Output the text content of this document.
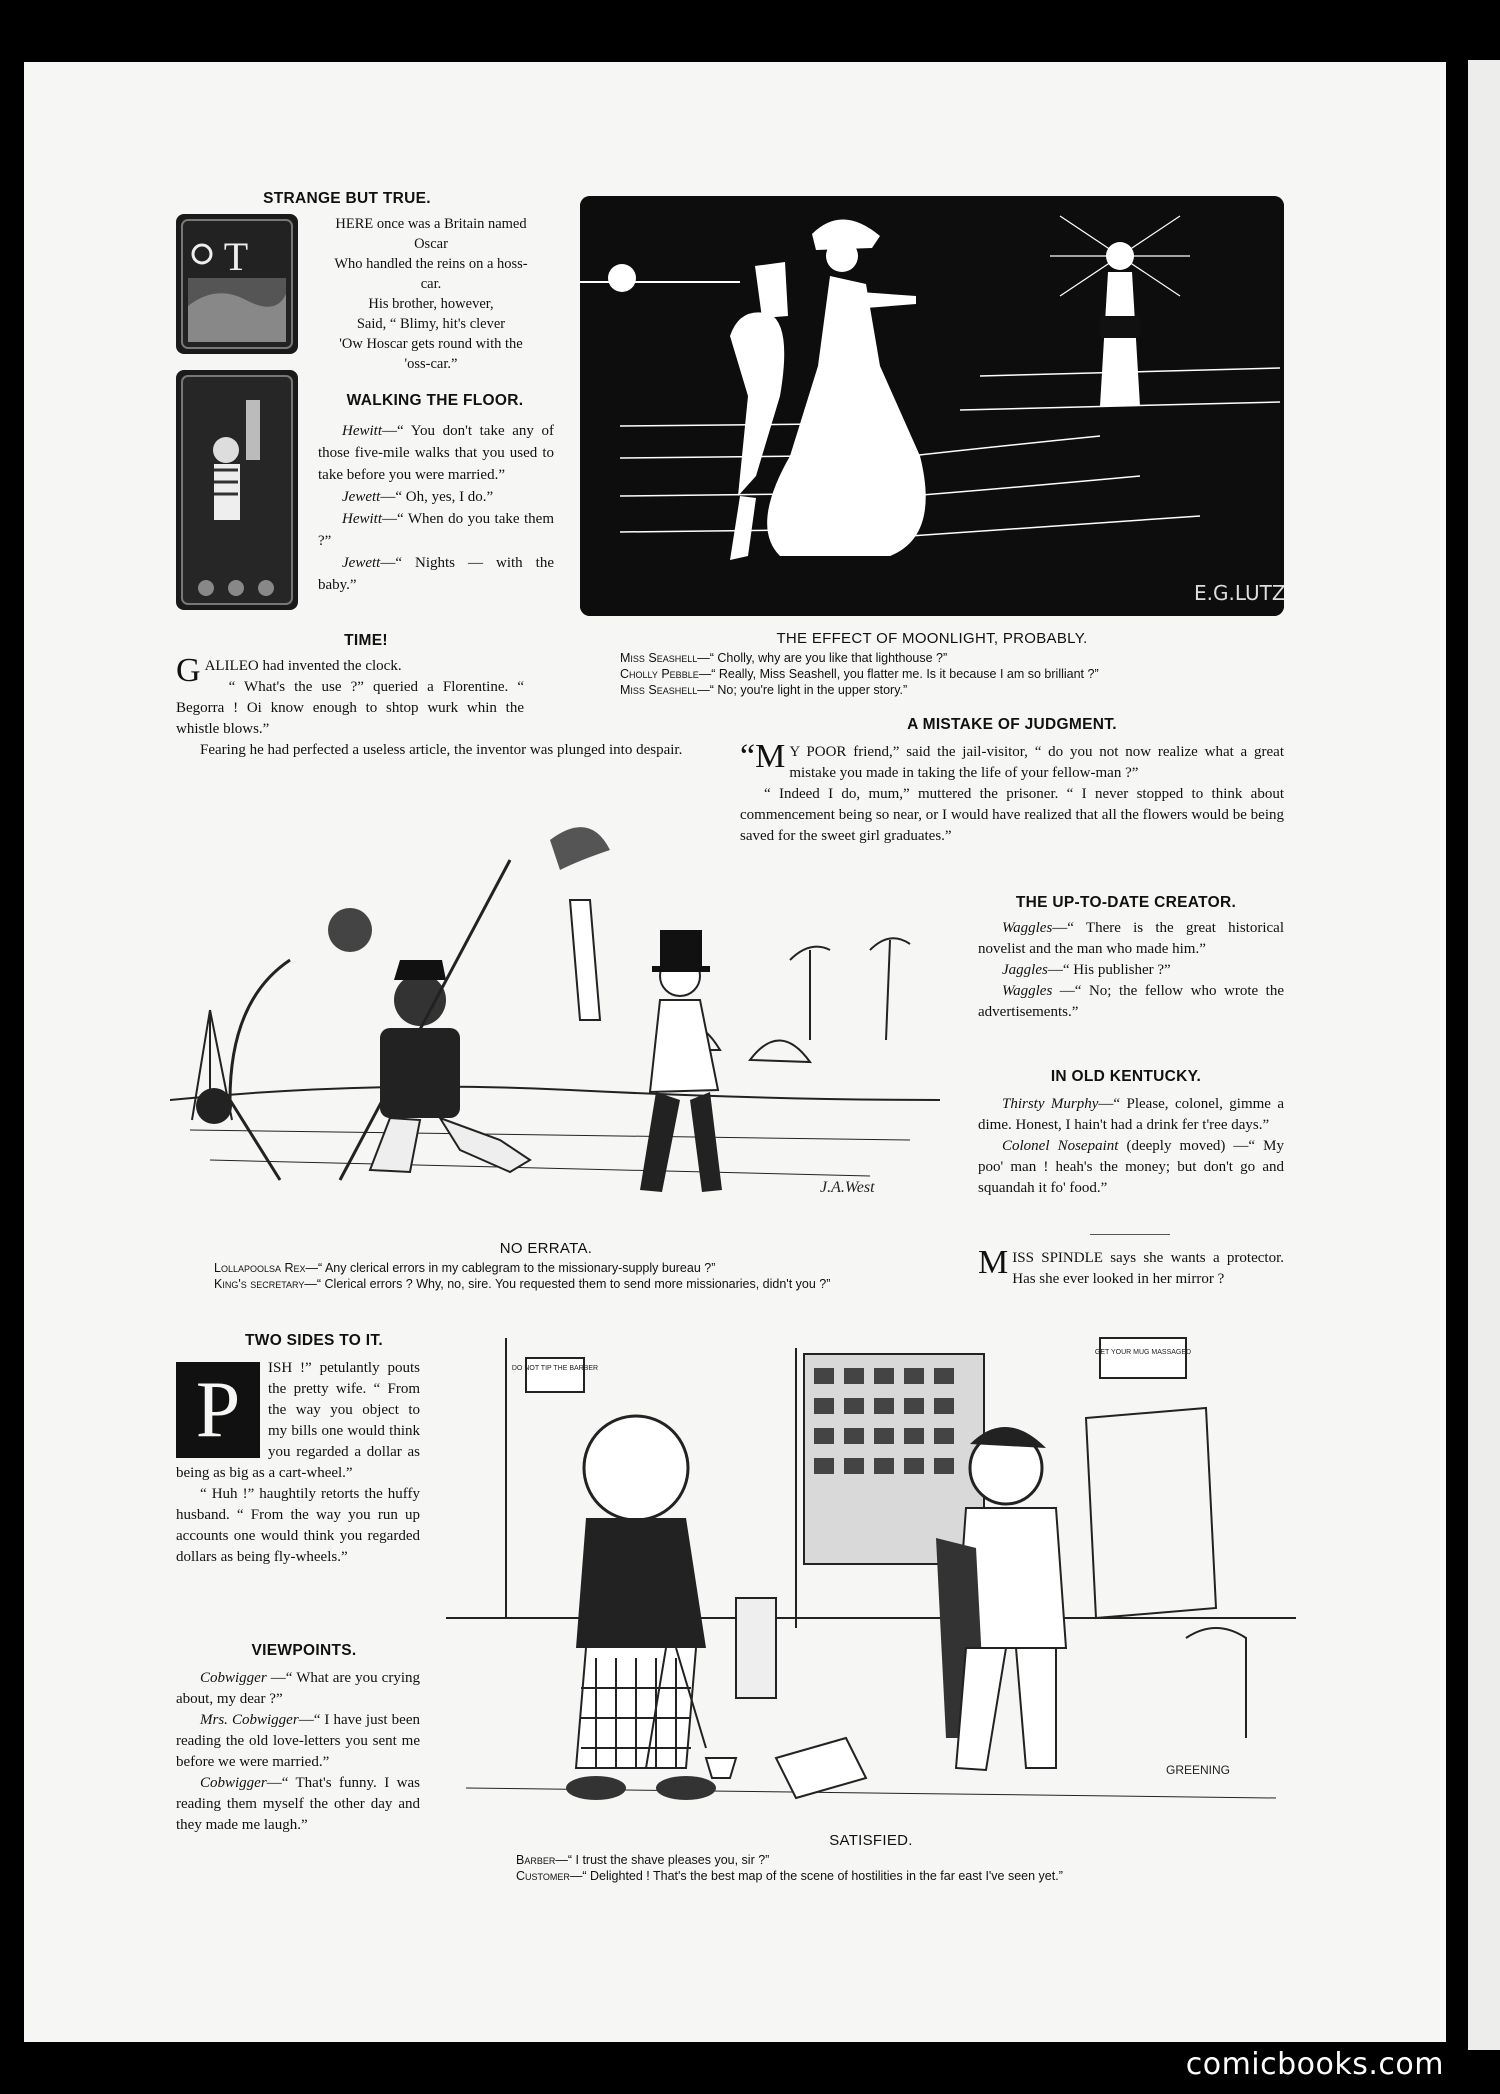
STRANGE BUT TRUE.
T

HERE once was a Britain named

Oscar

Who handled the reins on a hoss-

car.

His brother, however,

Said, “ Blimy, hit's clever

'Ow Hoscar gets round with the

'oss-car.”

WALKING THE FLOOR.

Hewitt—“ You don't take any of those five-mile walks that you used to take before you were married.”

Jewett—“ Oh, yes, I do.”

Hewitt—“ When do you take them ?”

Jewett—“ Nights — with the baby.”	E.G.LUTZ
THE EFFECT OF MOONLIGHT, PROBABLY.
Miss Seashell—“ Cholly, why are you like that lighthouse ?”
Cholly Pebble—“ Really, Miss Seashell, you flatter me. Is it because I am so brilliant ?”
Miss Seashell—“ No; you're light in the upper story.”
TIME!

GALILEO had invented the clock.

“ What's the use ?” queried a Florentine. “ Begorra ! Oi know enough to shtop wurk whin the whistle blows.”

Fearing he had perfected a useless article, the inventor was plunged into despair.

A MISTAKE OF JUDGMENT.

“M Y POOR friend,” said the jail-visitor, “ do you not now realize what a great mistake you made in taking the life of your fellow-man ?”

“ Indeed I do, mum,” muttered the prisoner. “ I never stopped to think about commencement being so near, or I would have realized that all the flowers would be being saved for the sweet girl graduates.”

J.A.West
NO ERRATA.
Lollapoolsa Rex—“ Any clerical errors in my cablegram to the missionary-supply bureau ?”
King's secretary—“ Clerical errors ? Why, no, sire. You requested them to send more missionaries, didn't you ?”
THE UP-TO-DATE CREATOR.

Waggles—“ There is the great historical novelist and the man who made him.”

Jaggles—“ His publisher ?”

Waggles —“ No; the fellow who wrote the advertisements.”

IN OLD KENTUCKY.

Thirsty Murphy—“ Please, colonel, gimme a dime. Honest, I hain't had a drink fer t'ree days.”

Colonel Nosepaint (deeply moved) —“ My poo' man ! heah's the money; but don't go and squandah it fo' food.”

MISS SPINDLE says she wants a protector. Has she ever looked in her mirror ?

TWO SIDES TO IT.

P	ISH !” petulantly pouts the pretty wife. “ From the way you object to my bills one would think you regarded a dollar as being as big as a cart-wheel.”

“ Huh !” haughtily retorts the huffy husband. “ From the way you run up accounts one would think you regarded dollars as being fly-wheels.”

VIEWPOINTS.

Cobwigger —“ What are you crying about, my dear ?”

Mrs. Cobwigger—“ I have just been reading the old love-letters you sent me before we were married.”

Cobwigger—“ That's funny. I was reading them myself the other day and they made me laugh.”

DO NOT TIP THE BARBER
GET YOUR MUG MASSAGED
GREENING
SATISFIED.
Barber—“ I trust the shave pleases you, sir ?”
Customer—“ Delighted ! That's the best map of the scene of hostilities in the far east I've seen yet.”
comicbooks.com
